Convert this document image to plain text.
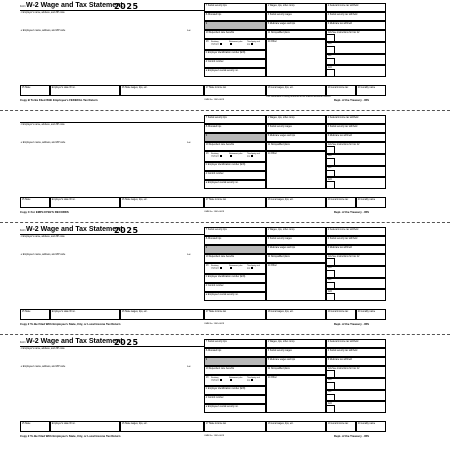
Form W-2 Wage and Tax Statement
2025
c Employer's name, address, and ZIP code
e Employee's name, address, and ZIP code	Suff.
7 Social security tips
8 Allocated tips
9
10 Dependent care benefits
13 Statutory employee
Retirement plan	Third-party sick pay
b Employer identification number (EIN)
d Control number
a Employee's social security no.
1 Wages, tips, other comp.	2 Federal income tax withheld
3 Social security wages	4 Social security tax withheld
5 Medicare wages and tips	6 Medicare tax withheld
11 Nonqualified plans
14 Other
12a See instructions for box 12
12b
12c
12d
15 State	Employer's state ID no.	16 State wages, tips, etc.	17 State income tax	18 Local wages, tips, etc.	19 Local income tax	20 Locality name
Copy B To Be Filed With Employee's FEDERAL Tax Return	OMB No. 1545-0029	Dept. of the Treasury - IRS
This information is being furnished to the Internal Revenue Service.
c Employer's name, address, and ZIP code
e Employee's name, address, and ZIP code	Suff.
7 Social security tips
8 Allocated tips
9
10 Dependent care benefits
13 Statutory employee
Retirement plan	Third-party sick pay
b Employer identification number (EIN)
d Control number
a Employee's social security no.
1 Wages, tips, other comp.	2 Federal income tax withheld
3 Social security wages	4 Social security tax withheld
5 Medicare wages and tips	6 Medicare tax withheld
11 Nonqualified plans
14 Other
12a See instructions for box 12
12b
12c
12d
15 State	Employer's state ID no.	16 State wages, tips, etc.	17 State income tax	18 Local wages, tips, etc.	19 Local income tax	20 Locality name
Copy C For EMPLOYEE'S RECORDS	OMB No. 1545-0029	Dept. of the Treasury - IRS
Form W-2 Wage and Tax Statement
2025
c Employer's name, address, and ZIP code
e Employee's name, address, and ZIP code	Suff.
7 Social security tips
8 Allocated tips
9
10 Dependent care benefits
13 Statutory employee
Retirement plan	Third-party sick pay
b Employer identification number (EIN)
d Control number
a Employee's social security no.
1 Wages, tips, other comp.	2 Federal income tax withheld
3 Social security wages	4 Social security tax withheld
5 Medicare wages and tips	6 Medicare tax withheld
11 Nonqualified plans
14 Other
12a See instructions for box 12
12b
12c
12d
15 State	Employer's state ID no.	16 State wages, tips, etc.	17 State income tax	18 Local wages, tips, etc.	19 Local income tax	20 Locality name
Copy 2 To Be Filed With Employee's State, City, or Local Income Tax Return	OMB No. 1545-0029	Dept. of the Treasury - IRS
Form W-2 Wage and Tax Statement
2025
c Employer's name, address, and ZIP code
e Employee's name, address, and ZIP code	Suff.
7 Social security tips
8 Allocated tips
9
10 Dependent care benefits
13 Statutory employee
Retirement plan	Third-party sick pay
b Employer identification number (EIN)
d Control number
a Employee's social security no.
1 Wages, tips, other comp.	2 Federal income tax withheld
3 Social security wages	4 Social security tax withheld
5 Medicare wages and tips	6 Medicare tax withheld
11 Nonqualified plans
14 Other
12a See instructions for box 12
12b
12c
12d
15 State	Employer's state ID no.	16 State wages, tips, etc.	17 State income tax	18 Local wages, tips, etc.	19 Local income tax	20 Locality name
Copy 2 To Be Filed With Employee's State, City, or Local Income Tax Return	OMB No. 1545-0029	Dept. of the Treasury - IRS
